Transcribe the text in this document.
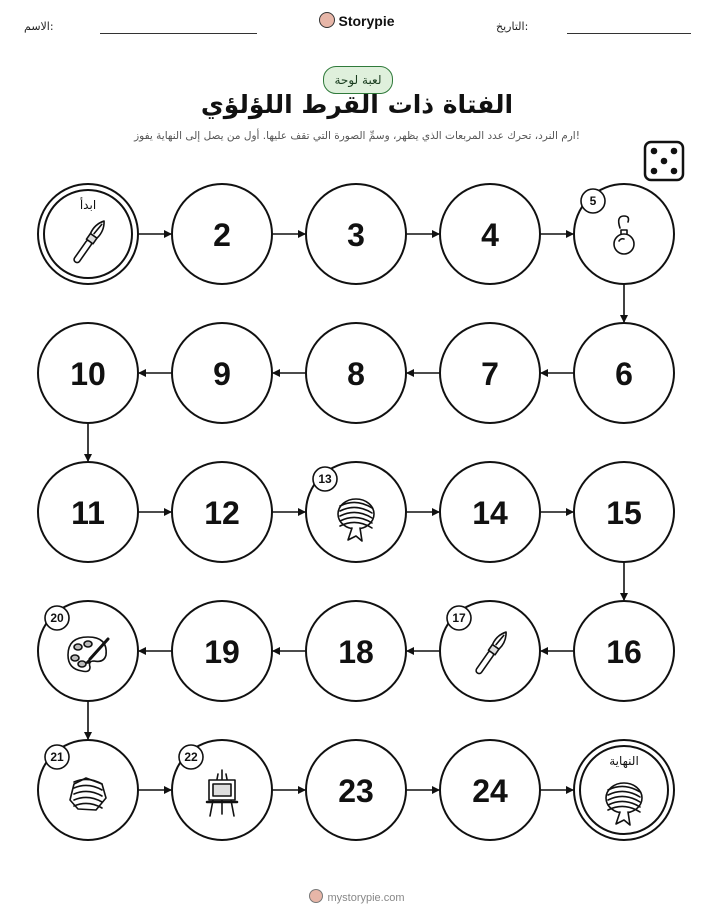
الاسم:	Storypie	التاريخ:
لعبة لوحة
الفتاة ذات القرط اللؤلؤي
ارم النرد، تحرك عدد المربعات الذي يظهر، وسمِّ الصورة التي تقف عليها. أول من يصل إلى النهاية يفوز!
ابدأ
2	3	4
5
6
7
8
9
10
11	12
13
14	15
16
17
18
19
20
21	22
23	24
النهاية
mystorypie.com
